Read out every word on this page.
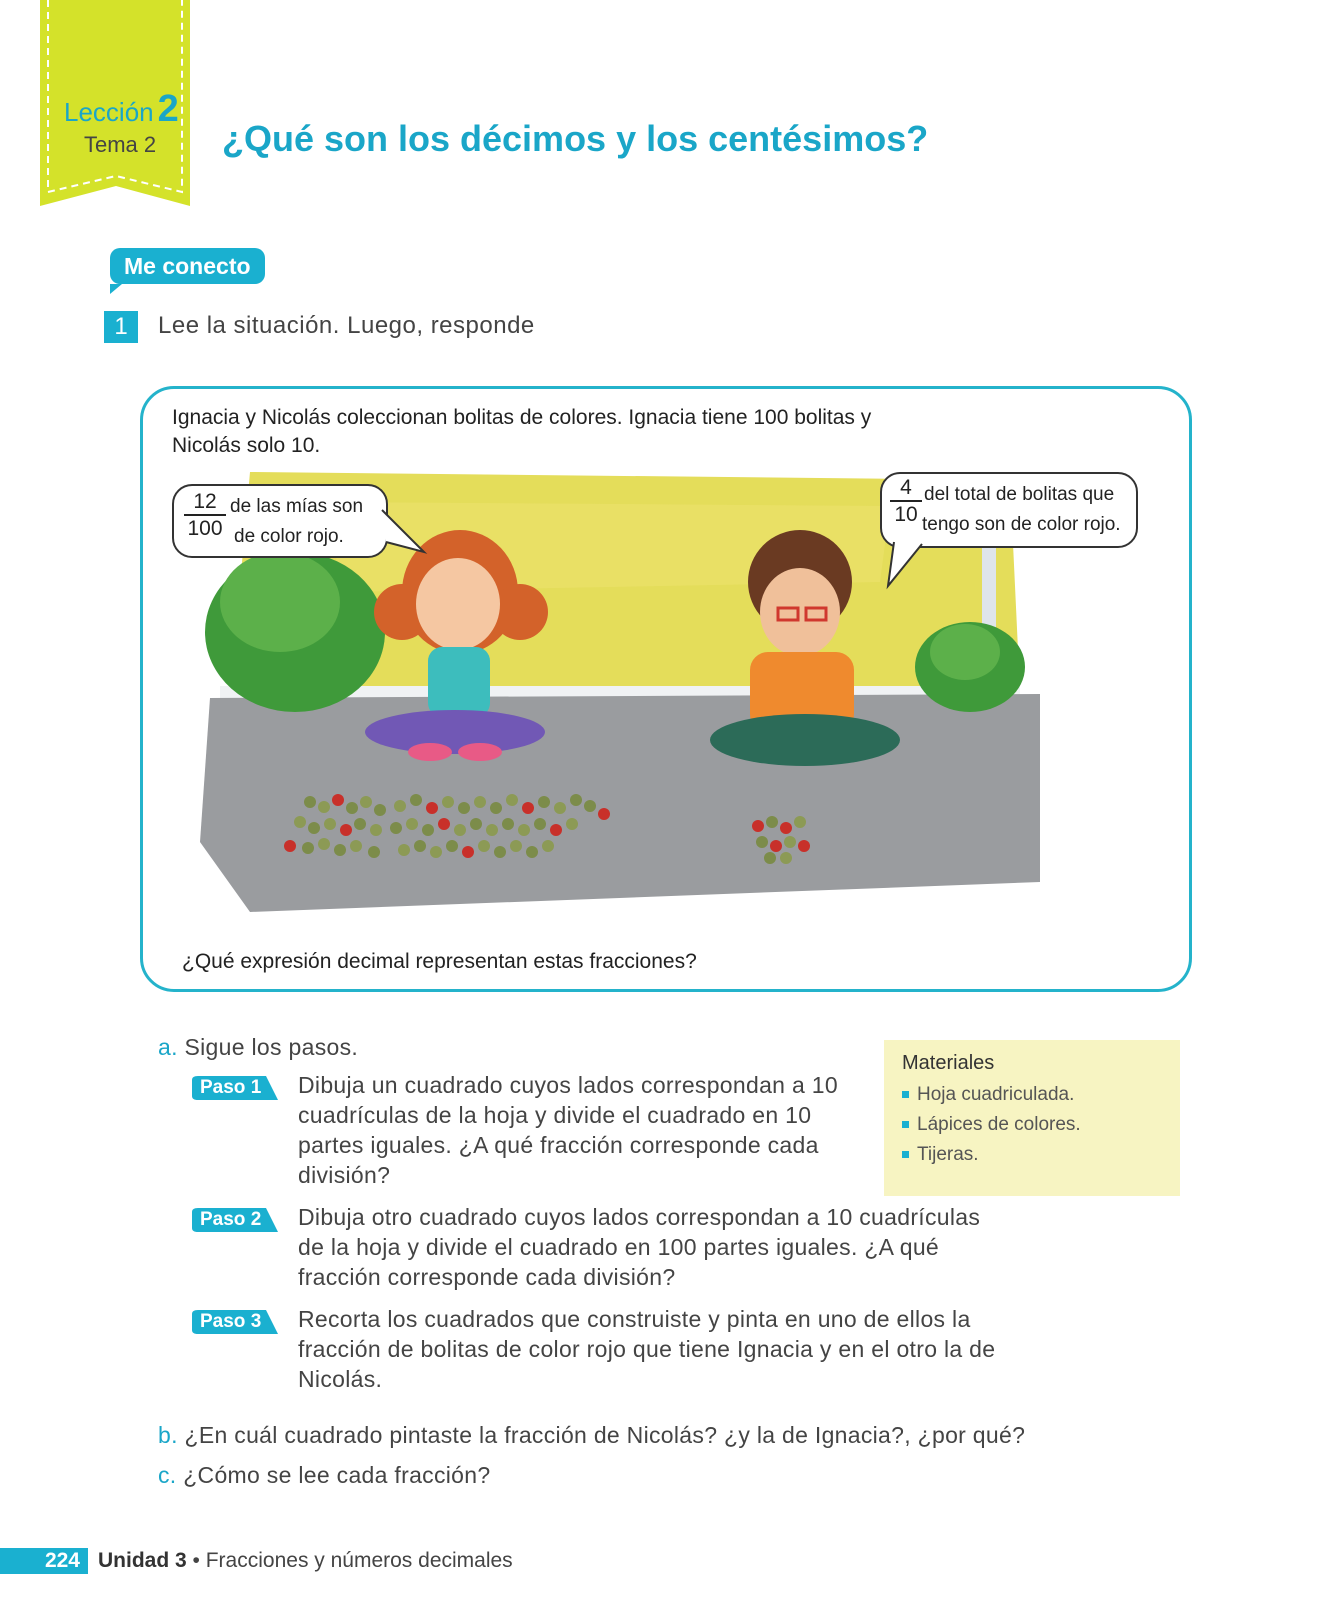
Lección 2
Tema 2 ¿Qué son los décimos y los centésimos?
Me conecto
1	Lee la situación. Luego, responde
Ignacia y Nicolás coleccionan bolitas de colores. Ignacia tiene 100 bolitas y Nicolás solo 10.
$\frac{12}{100}$ de las mías son
de color rojo.
$\frac{4}{10}$ del total de bolitas que
tengo son de color rojo.
¿Qué expresión decimal representan estas fracciones?
a. Sigue los pasos.
Paso 1 Dibuja un cuadrado cuyos lados correspondan a 10 cuadrículas de la hoja y divide el cuadrado en 10 partes iguales. ¿A qué fracción corresponde cada división?
Paso 2 Dibuja otro cuadrado cuyos lados correspondan a 10 cuadrículas de la hoja y divide el cuadrado en 100 partes iguales. ¿A qué fracción corresponde cada división?
Paso 3 Recorta los cuadrados que construiste y pinta en uno de ellos la fracción de bolitas de color rojo que tiene Ignacia y en el otro la de Nicolás.
Materiales
Hoja cuadriculada.
Lápices de colores.
Tijeras.
b. ¿En cuál cuadrado pintaste la fracción de Nicolás? ¿y la de Ignacia?, ¿por qué?
c. ¿Cómo se lee cada fracción?
224 Unidad 3 • Fracciones y números decimales
